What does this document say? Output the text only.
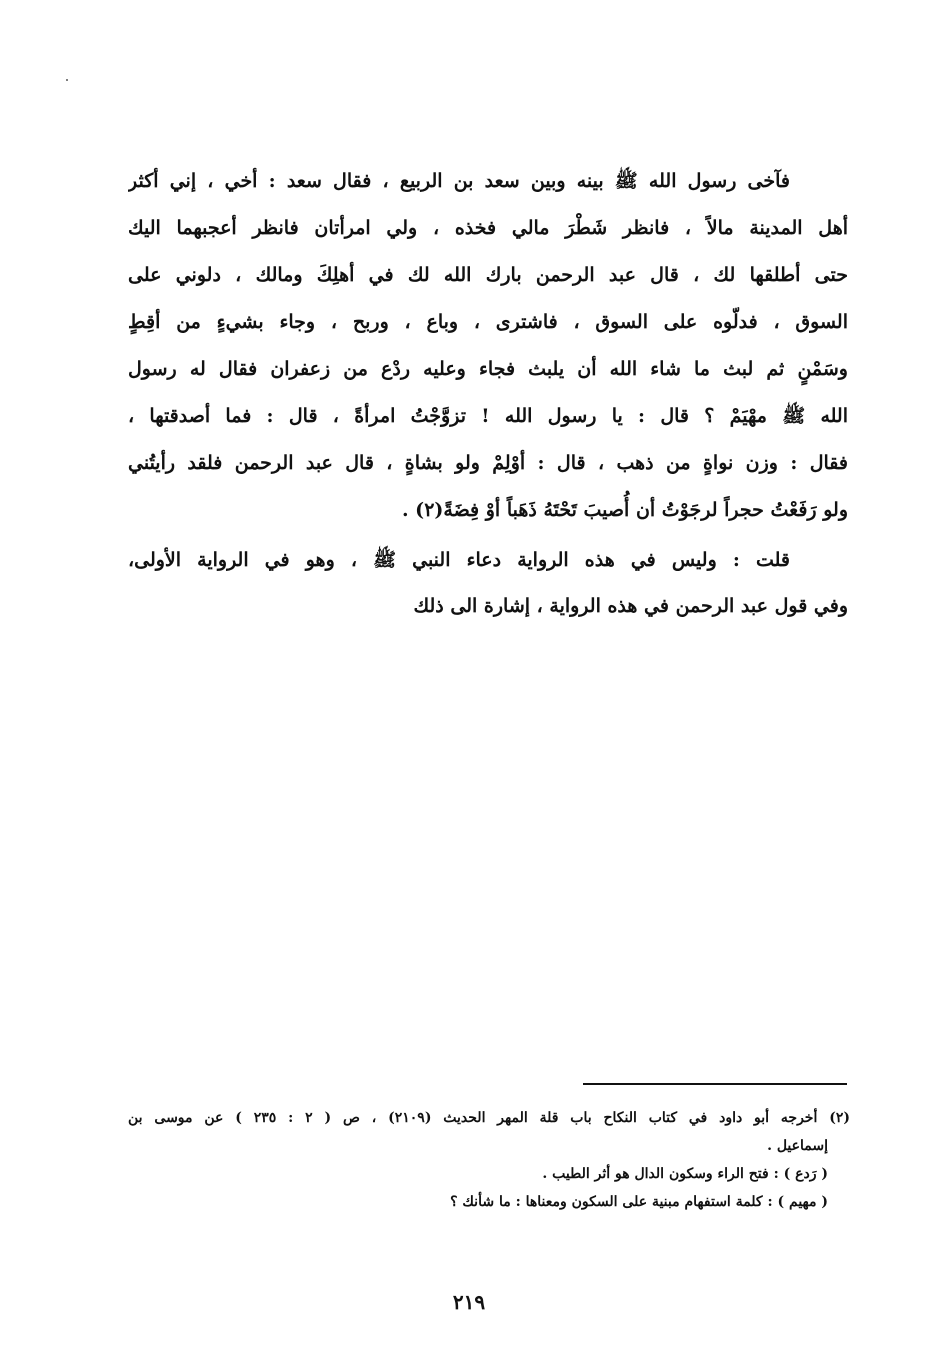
فآخى رسول الله ﷺ بينه وبين سعد بن الربيع ، فقال سعد : أخي ، إني أكثر
أهل المدينة مالاً ، فانظر شَطْرَ مالي فخذه ، ولي امرأتان فانظر أعجبهما اليك
حتى أطلقها لك ، قال عبد الرحمن بارك الله لك في أهلِكَ ومالك ، دلوني على
السوق ، فدلّوه على السوق ، فاشترى ، وباع ، وربح ، وجاء بشيءٍ من أقِطٍ
وسَمْنٍ ثم لبث ما شاء الله أن يلبث فجاء وعليه ردْع من زعفران فقال له رسول
الله ﷺ مهْيَمْ ؟ قال : يا رسول الله ! تزوَّجْتُ امرأةً ، قال : فما أصدقتها ،
فقال : وزن نواةٍ من ذهب ، قال : أوْلِمْ ولو بشاةٍ ، قال عبد الرحمن فلقد رأيتُني
ولو رَفَعْتُ حجراً لرجَوْتُ أن أُصيبَ تَحْتَهُ ذَهَباً أوْ فِضَةً(٢) .
قلت : وليس في هذه الرواية دعاء النبي ﷺ ، وهو في الرواية الأولى،
وفي قول عبد الرحمن في هذه الرواية ، إشارة الى ذلك
(٢) أخرجه أبو داود في كتاب النكاح باب قلة المهر الحديث (٢١٠٩) ، ص ( ٢ : ٢٣٥ ) عن موسى بن
إسماعيل .
( رَدع ) : فتح الراء وسكون الدال هو أثر الطيب .
( مهيم ) : كلمة استفهام مبنية على السكون ومعناها : ما شأنك ؟
٢١٩
